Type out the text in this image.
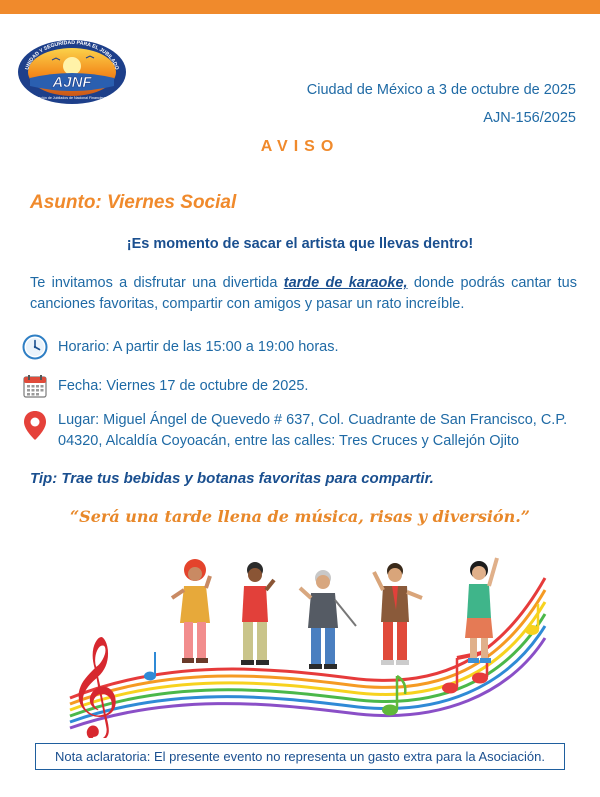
AJNF
UNIDAD Y SEGURIDAD PARA EL JUBILADO
Asociación de Jubilados de Nacional Financiera, A.C.	Ciudad de México a 3 de octubre de 2025
AJN-156/2025
AVISO
Asunto: Viernes Social
¡Es momento de sacar el artista que llevas dentro!

Te invitamos a disfrutar una divertida tarde de karaoke, donde podrás cantar tus canciones favoritas, compartir con amigos y pasar un rato increíble.

Horario: A partir de las 15:00 a 19:00 horas.
Fecha: Viernes 17 de octubre de 2025.
Lugar: Miguel Ángel de Quevedo # 637, Col. Cuadrante de San Francisco, C.P. 04320, Alcaldía Coyoacán, entre las calles: Tres Cruces y Callejón Ojito
Tip: Trae tus bebidas y botanas favoritas para compartir.
“Será una tarde llena de música, risas y diversión.”
𝄞
Nota aclaratoria: El presente evento no representa un gasto extra para la Asociación.
